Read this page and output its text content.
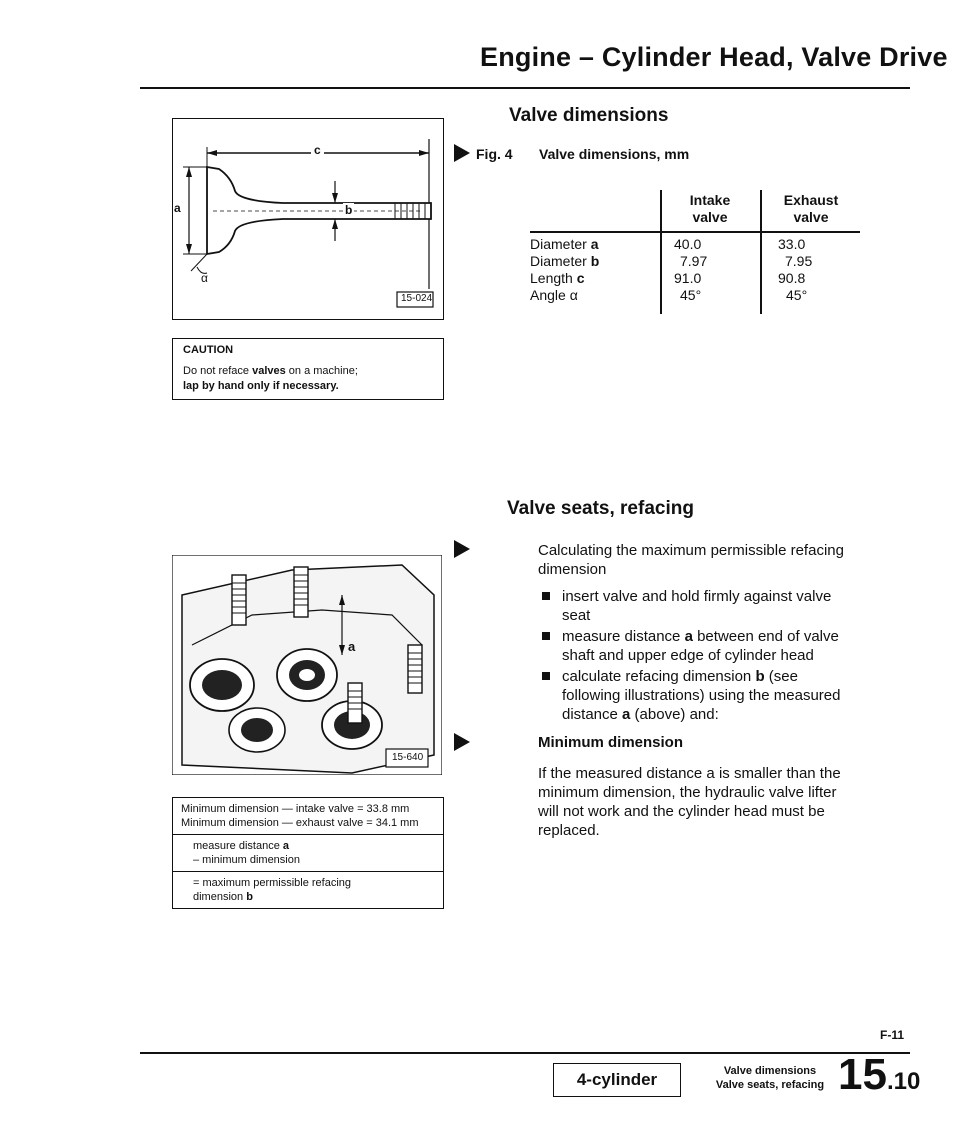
Engine – Cylinder Head, Valve Drive
Valve dimensions
Fig. 4 Valve dimensions, mm
Intake
valve
Exhaust
valve
Diameter a	40.0	33.0
Diameter b	7.97	7.95
Length c	91.0	90.8
Angle α	45°	45°
c
a	b
α
15-024
CAUTION
Do not reface valves on a machine;
lap by hand only if necessary.
Valve seats, refacing
Calculating the maximum permissible refacing
dimension
insert valve and hold firmly against valve
seat
measure distance a between end of valve
shaft and upper edge of cylinder head
calculate refacing dimension b (see
following illustrations) using the measured
distance a (above) and:
Minimum dimension
If the measured distance a is smaller than the
minimum dimension, the hydraulic valve lifter
will not work and the cylinder head must be
replaced.
a
15-640
Minimum dimension — intake valve = 33.8 mm
Minimum dimension — exhaust valve = 34.1 mm
measure distance a
– minimum dimension
= maximum permissible refacing
dimension b
F-11
4-cylinder	Valve dimensions
Valve seats, refacing 15.10
